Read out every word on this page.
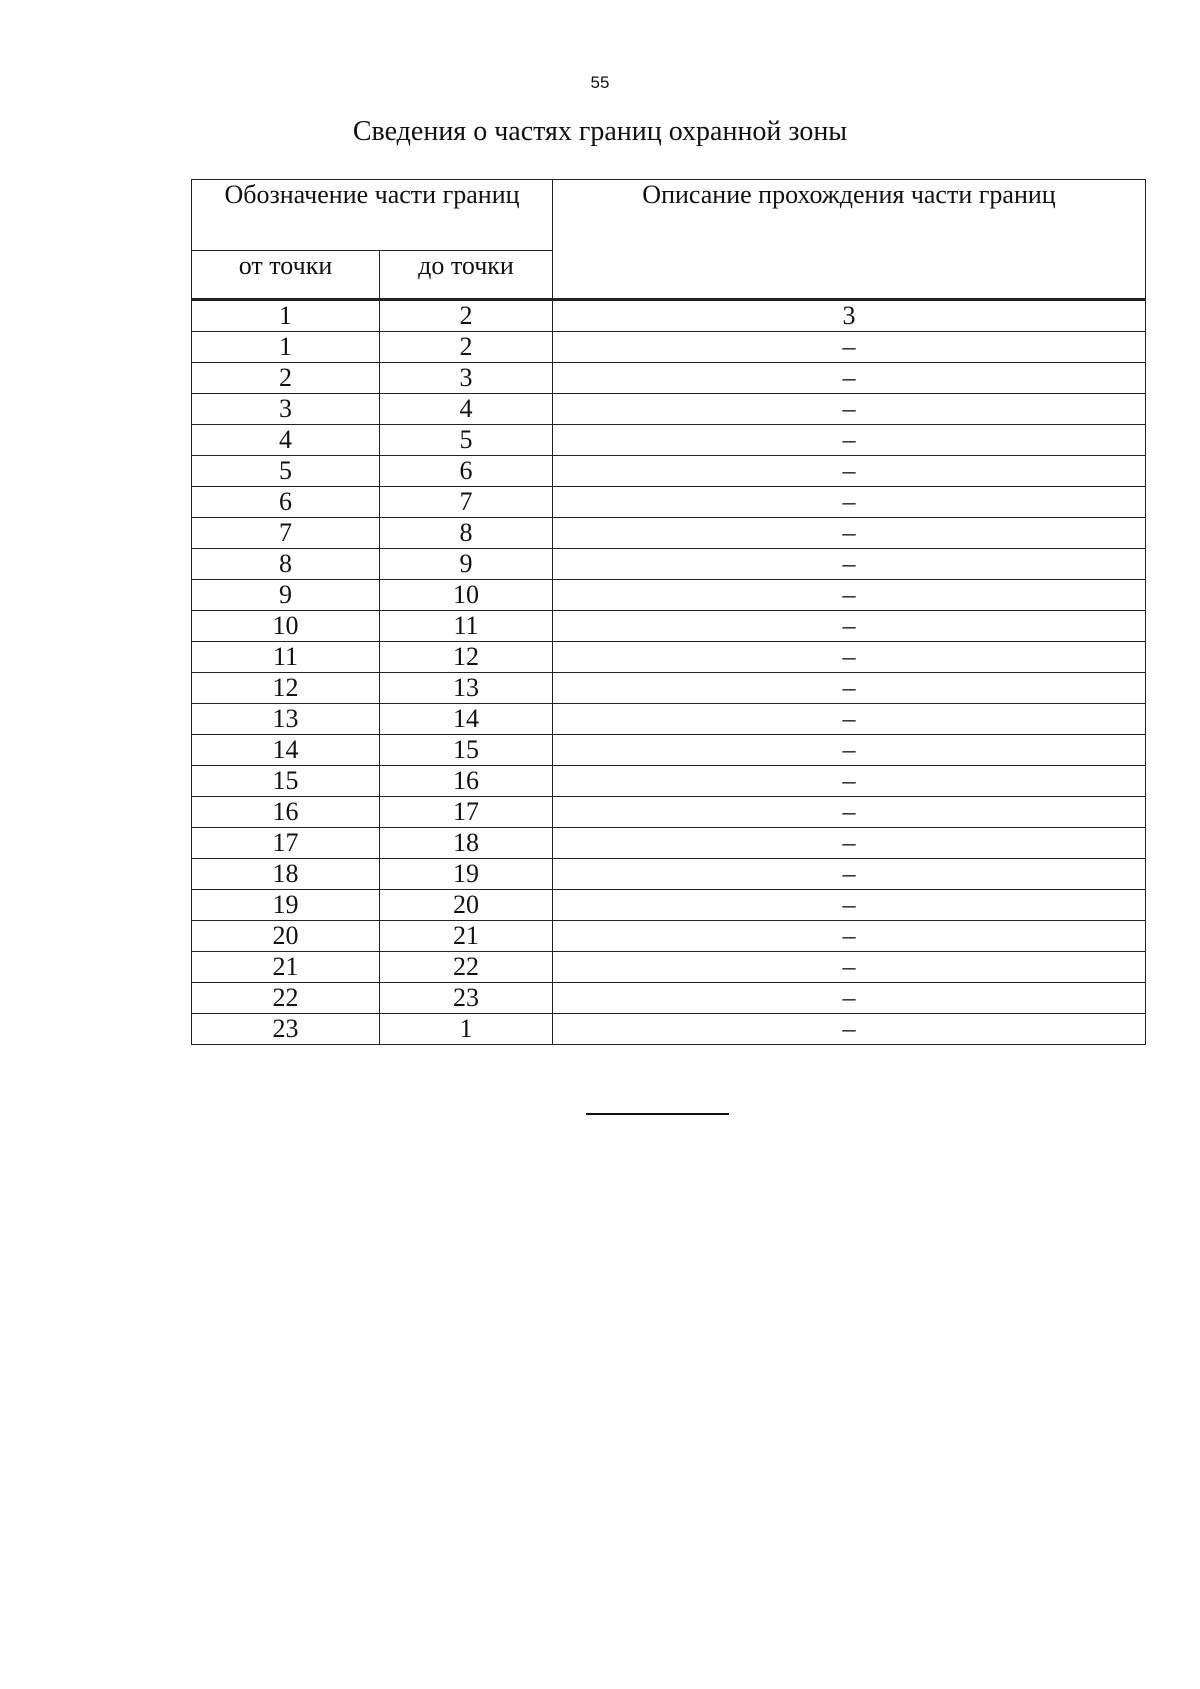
55
Сведения о частях границ охранной зоны
Обозначение части границ		Описание прохождения части границ
от точки	до точки	
1	2	3
1	2	–
2	3	–
3	4	–
4	5	–
5	6	–
6	7	–
7	8	–
8	9	–
9	10	–
10	11	–
11	12	–
12	13	–
13	14	–
14	15	–
15	16	–
16	17	–
17	18	–
18	19	–
19	20	–
20	21	–
21	22	–
22	23	–
23	1	–
